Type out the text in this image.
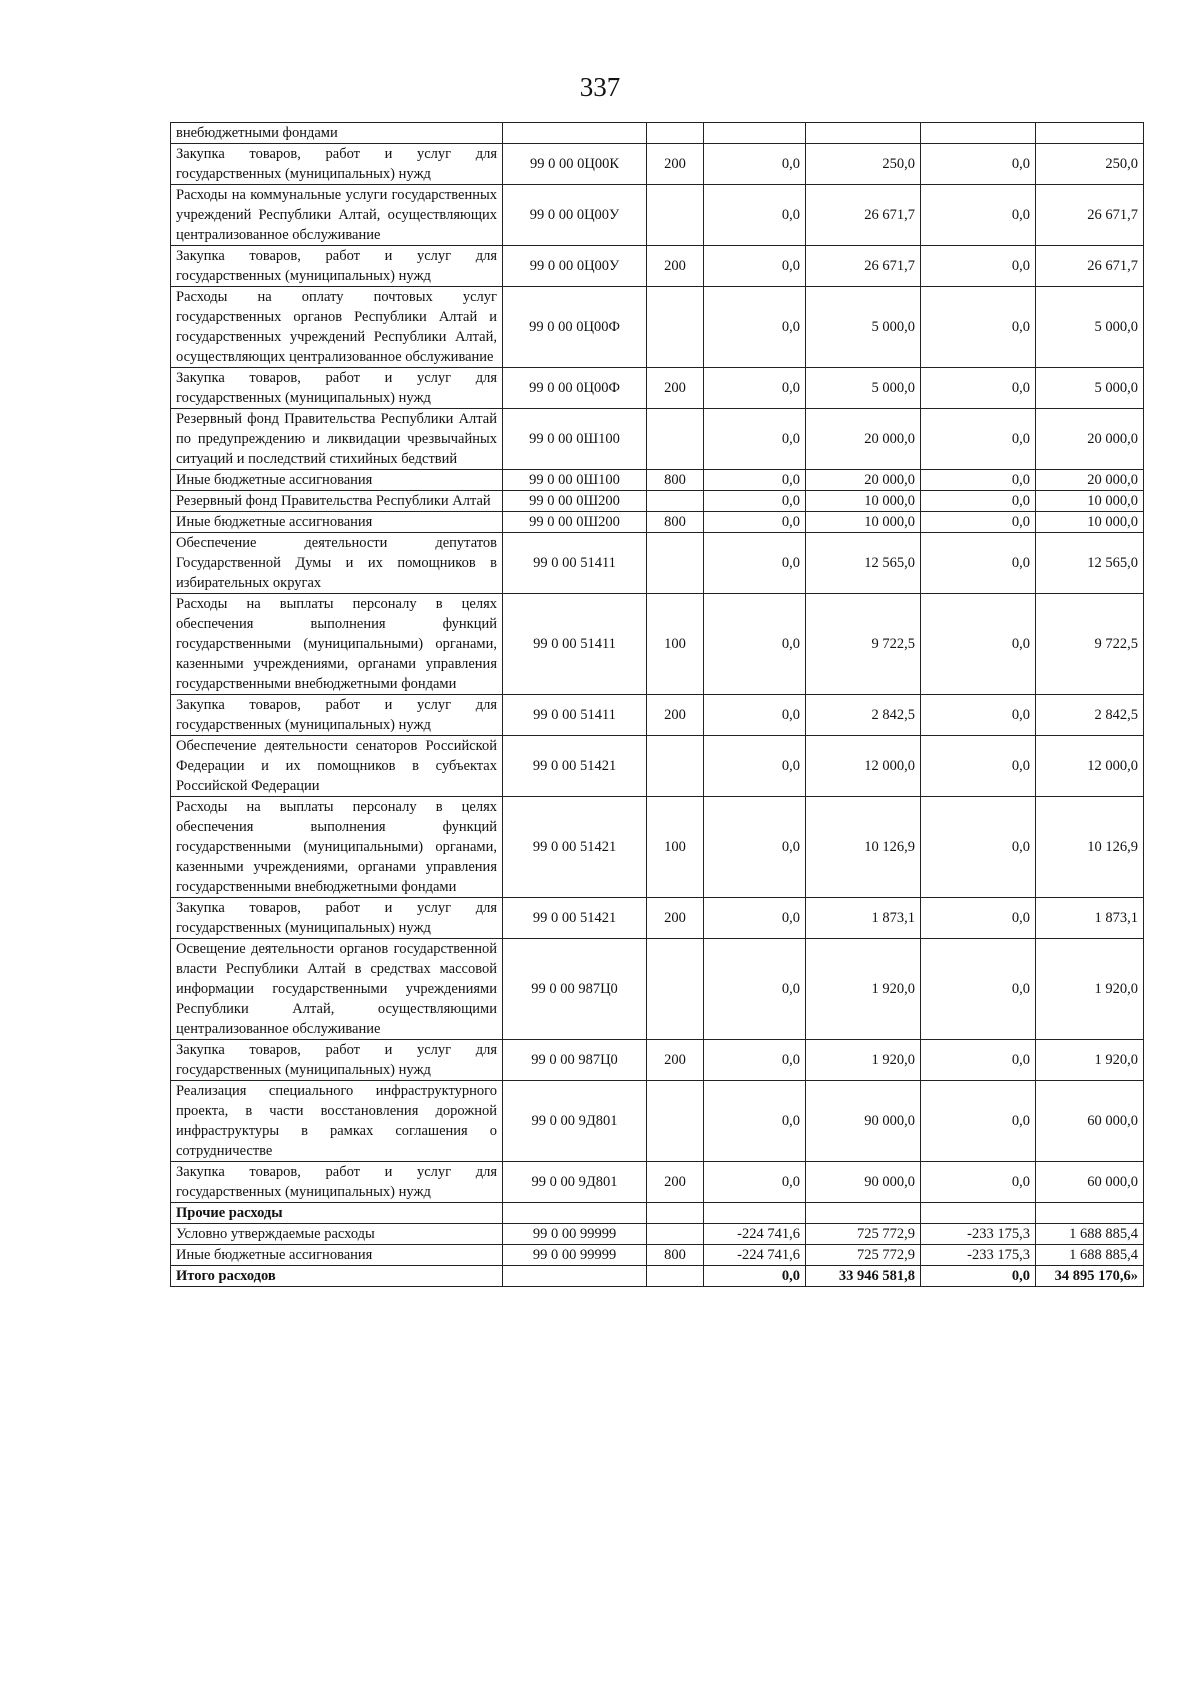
337
внебюджетными фондами						
Закупка товаров, работ и услуг для государственных (муниципальных) нужд	99 0 00 0Ц00К	200	0,0	250,0	0,0	250,0
Расходы на коммунальные услуги государственных учреждений Республики Алтай, осуществляющих централизованное обслуживание	99 0 00 0Ц00У		0,0	26 671,7	0,0	26 671,7
Закупка товаров, работ и услуг для государственных (муниципальных) нужд	99 0 00 0Ц00У	200	0,0	26 671,7	0,0	26 671,7
Расходы на оплату почтовых услуг государственных органов Республики Алтай и государственных учреждений Республики Алтай, осуществляющих централизованное обслуживание	99 0 00 0Ц00Ф		0,0	5 000,0	0,0	5 000,0
Закупка товаров, работ и услуг для государственных (муниципальных) нужд	99 0 00 0Ц00Ф	200	0,0	5 000,0	0,0	5 000,0
Резервный фонд Правительства Республики Алтай по предупреждению и ликвидации чрезвычайных ситуаций и последствий стихийных бедствий	99 0 00 0Ш100		0,0	20 000,0	0,0	20 000,0
Иные бюджетные ассигнования	99 0 00 0Ш100	800	0,0	20 000,0	0,0	20 000,0
Резервный фонд Правительства Республики Алтай	99 0 00 0Ш200		0,0	10 000,0	0,0	10 000,0
Иные бюджетные ассигнования	99 0 00 0Ш200	800	0,0	10 000,0	0,0	10 000,0
Обеспечение деятельности депутатов Государственной Думы и их помощников в избирательных округах	99 0 00 51411		0,0	12 565,0	0,0	12 565,0
Расходы на выплаты персоналу в целях обеспечения выполнения функций государственными (муниципальными) органами, казенными учреждениями, органами управления государственными внебюджетными фондами	99 0 00 51411	100	0,0	9 722,5	0,0	9 722,5
Закупка товаров, работ и услуг для государственных (муниципальных) нужд	99 0 00 51411	200	0,0	2 842,5	0,0	2 842,5
Обеспечение деятельности сенаторов Российской Федерации и их помощников в субъектах Российской Федерации	99 0 00 51421		0,0	12 000,0	0,0	12 000,0
Расходы на выплаты персоналу в целях обеспечения выполнения функций государственными (муниципальными) органами, казенными учреждениями, органами управления государственными внебюджетными фондами	99 0 00 51421	100	0,0	10 126,9	0,0	10 126,9
Закупка товаров, работ и услуг для государственных (муниципальных) нужд	99 0 00 51421	200	0,0	1 873,1	0,0	1 873,1
Освещение деятельности органов государственной власти Республики Алтай в средствах массовой информации государственными учреждениями Республики Алтай, осуществляющими централизованное обслуживание	99 0 00 987Ц0		0,0	1 920,0	0,0	1 920,0
Закупка товаров, работ и услуг для государственных (муниципальных) нужд	99 0 00 987Ц0	200	0,0	1 920,0	0,0	1 920,0
Реализация специального инфраструктурного проекта, в части восстановления дорожной инфраструктуры в рамках соглашения о сотрудничестве	99 0 00 9Д801		0,0	90 000,0	0,0	60 000,0
Закупка товаров, работ и услуг для государственных (муниципальных) нужд	99 0 00 9Д801	200	0,0	90 000,0	0,0	60 000,0
Прочие расходы						
Условно утверждаемые расходы	99 0 00 99999		-224 741,6	725 772,9	-233 175,3	1 688 885,4
Иные бюджетные ассигнования	99 0 00 99999	800	-224 741,6	725 772,9	-233 175,3	1 688 885,4
Итого расходов			0,0	33 946 581,8	0,0	34 895 170,6»
